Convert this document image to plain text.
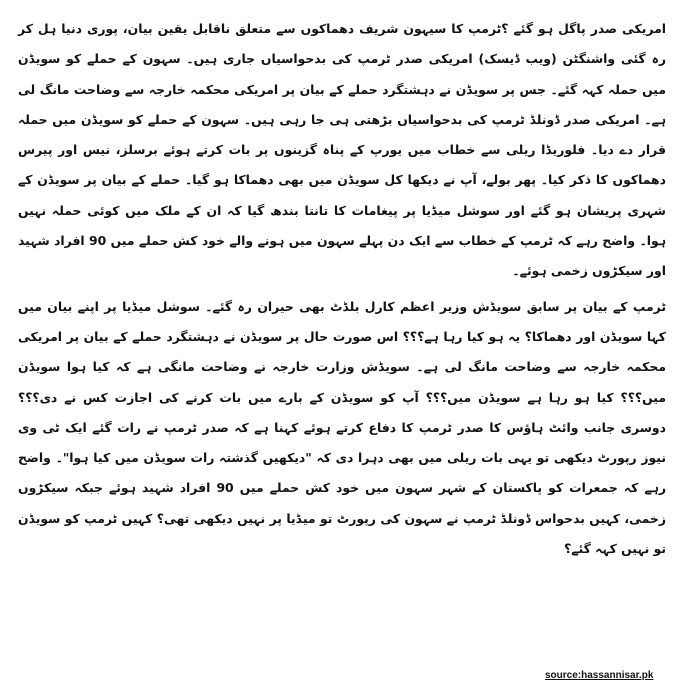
امریکی صدر پاگل ہو گئے ؟ٹرمپ کا سیہون شریف دھماکوں سے متعلق ناقابل یقین بیان، پوری دنیا ہل کر رہ گئی واشنگٹن (ویب ڈیسک) امریکی صدر ٹرمپ کی بدحواسیاں جاری ہیں۔ سہون کے حملے کو سویڈن میں حملہ کہہ گئے۔ جس پر سویڈن نے دہشتگرد حملے کے بیان پر امریکی محکمہ خارجہ سے وضاحت مانگ لی ہے۔ امریکی صدر ڈونلڈ ٹرمپ کی بدحواسیاں بڑھتی ہی جا رہی ہیں۔ سہون کے حملے کو سویڈن میں حملہ قرار دے دیا۔ فلوریڈا ریلی سے خطاب میں یورپ کے پناہ گزینوں پر بات کرتے ہوئے برسلز، نیس اور پیرس دھماکوں کا ذکر کیا۔ پھر بولے، آپ نے دیکھا کل سویڈن میں بھی دھماکا ہو گیا۔ حملے کے بیان پر سویڈن کے شہری پریشان ہو گئے اور سوشل میڈیا پر پیغامات کا تانتا بندھ گیا کہ ان کے ملک میں کوئی حملہ نہیں ہوا۔ واضح رہے کہ ٹرمپ کے خطاب سے ایک دن پہلے سہون میں ہونے والے خود کش حملے میں 90 افراد شہید اور سیکڑوں زخمی ہوئے۔

ٹرمپ کے بیان پر سابق سویڈش وزیر اعظم کارل بلڈٹ بھی حیران رہ گئے۔ سوشل میڈیا پر اپنے بیان میں کہا سویڈن اور دھماکا؟ یہ ہو کیا رہا ہے؟؟؟ اس صورت حال پر سویڈن نے دہشتگرد حملے کے بیان پر امریکی محکمہ خارجہ سے وضاحت مانگ لی ہے۔ سویڈش وزارت خارجہ نے وضاحت مانگی ہے کہ کیا ہوا سویڈن میں؟؟؟ کیا ہو رہا ہے سویڈن میں؟؟؟ آپ کو سویڈن کے بارے میں بات کرنے کی اجازت کس نے دی؟؟؟ دوسری جانب وائٹ ہاؤس کا صدر ٹرمپ کا دفاع کرتے ہوئے کہنا ہے کہ صدر ٹرمپ نے رات گئے ایک ٹی وی نیوز رپورٹ دیکھی تو یہی بات ریلی میں بھی دہرا دی کہ "دیکھیں گذشتہ رات سویڈن میں کیا ہوا"۔ واضح رہے کہ جمعرات کو پاکستان کے شہر سہون میں خود کش حملے میں 90 افراد شہید ہوئے جبکہ سیکڑوں زخمی، کہیں بدحواس ڈونلڈ ٹرمپ نے سہون کی رپورٹ تو میڈیا پر نہیں دیکھی تھی؟ کہیں ٹرمپ کو سویڈن تو نہیں کہہ گئے؟

source:hassannisar.pk
